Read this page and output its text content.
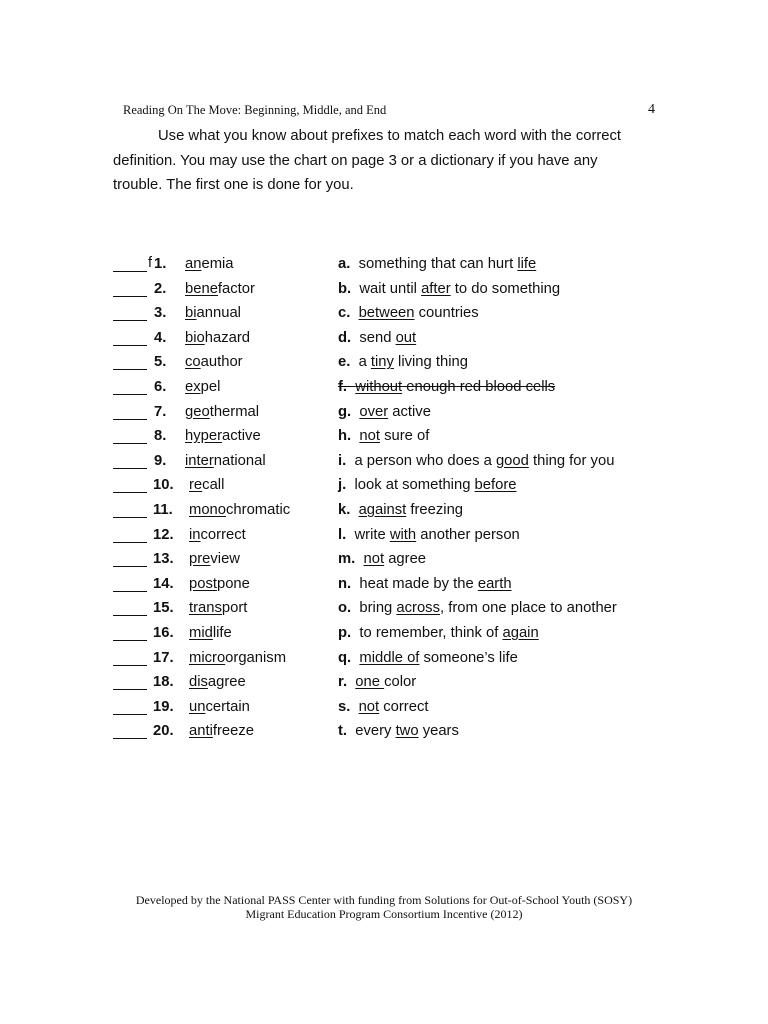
Reading On The Move: Beginning, Middle, and End	4
Use what you know about prefixes to match each word with the correct definition. You may use the chart on page 3 or a dictionary if you have any trouble. The first one is done for you.
f 1. anemia	a.  something that can hurt life
2. benefactor	b.  wait until after to do something
3. biannual	c.  between countries
4. biohazard	d.  send out
5. coauthor	e.  a tiny living thing
6. expel	f.  without enough red blood cells
7. geothermal	g.  over active
8. hyperactive	h.  not sure of
9. international	i.  a person who does a good thing for you
10. recall	j.  look at something before
11. monochromatic	k.  against freezing
12. incorrect	l.  write with another person
13. preview	m.  not agree
14. postpone	n.  heat made by the earth
15. transport	o.  bring across, from one place to another
16. midlife	p.  to remember, think of again
17. microorganism	q.  middle of someone’s life
18. disagree	r.  one color
19. uncertain	s.  not correct
20. antifreeze	t.  every two years
Developed by the National PASS Center with funding from Solutions for Out-of-School Youth (SOSY)
Migrant Education Program Consortium Incentive (2012)
